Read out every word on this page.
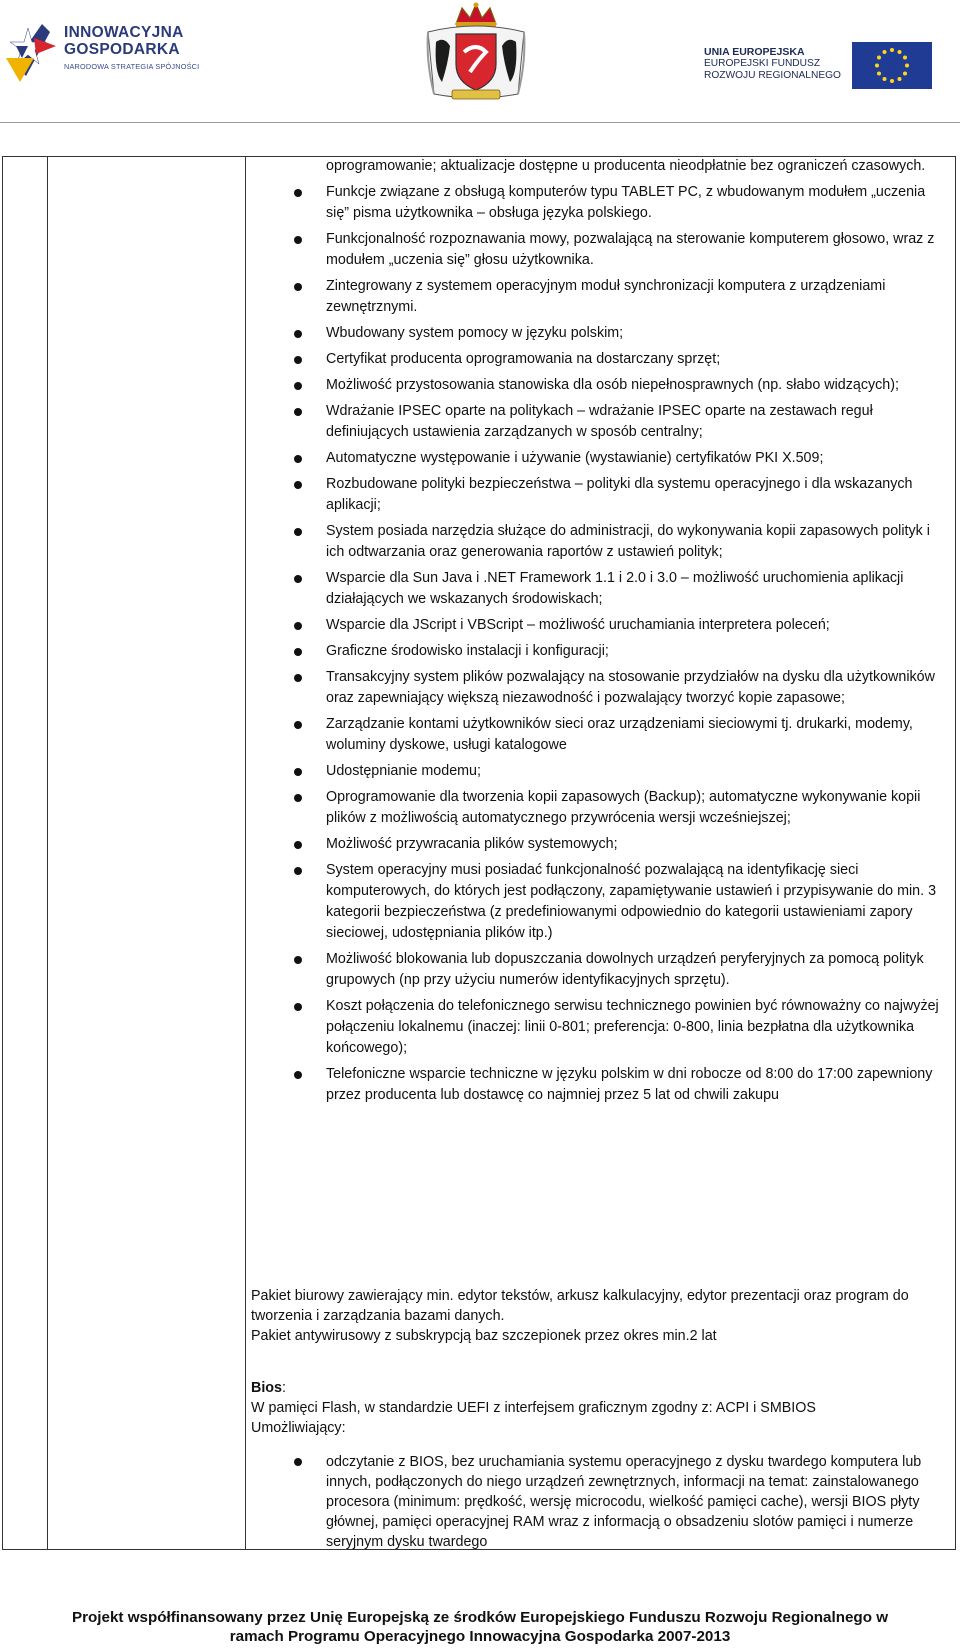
INNOWACYJNA
GOSPODARKA
NARODOWA STRATEGIA SPÓJNOŚCI
UNIA EUROPEJSKA
EUROPEJSKI FUNDUSZ
ROZWOJU REGIONALNEGO
oprogramowanie; aktualizacje dostępne u producenta nieodpłatnie bez ograniczeń czasowych.
Funkcje związane z obsługą komputerów typu TABLET PC, z wbudowanym modułem „uczenia się” pisma użytkownika – obsługa języka polskiego.
Funkcjonalność rozpoznawania mowy, pozwalającą na sterowanie komputerem głosowo, wraz z modułem „uczenia się” głosu użytkownika.
Zintegrowany z systemem operacyjnym moduł synchronizacji komputera z urządzeniami zewnętrznymi.
Wbudowany system pomocy w języku polskim;
Certyfikat producenta oprogramowania na dostarczany sprzęt;
Możliwość przystosowania stanowiska dla osób niepełnosprawnych (np. słabo widzących);
Wdrażanie IPSEC oparte na politykach – wdrażanie IPSEC oparte na zestawach reguł definiujących ustawienia zarządzanych w sposób centralny;
Automatyczne występowanie i używanie (wystawianie) certyfikatów PKI X.509;
Rozbudowane polityki bezpieczeństwa – polityki dla systemu operacyjnego i dla wskazanych aplikacji;
System posiada narzędzia służące do administracji, do wykonywania kopii zapasowych polityk i ich odtwarzania oraz generowania raportów z ustawień polityk;
Wsparcie dla Sun Java i .NET Framework 1.1 i 2.0 i 3.0 – możliwość uruchomienia aplikacji działających we wskazanych środowiskach;
Wsparcie dla JScript i VBScript – możliwość uruchamiania interpretera poleceń;
Graficzne środowisko instalacji i konfiguracji;
Transakcyjny system plików pozwalający na stosowanie przydziałów na dysku dla użytkowników oraz zapewniający większą niezawodność i pozwalający tworzyć kopie zapasowe;
Zarządzanie kontami użytkowników sieci oraz urządzeniami sieciowymi tj. drukarki, modemy, woluminy dyskowe, usługi katalogowe
Udostępnianie modemu;
Oprogramowanie dla tworzenia kopii zapasowych (Backup); automatyczne wykonywanie kopii plików z możliwością automatycznego przywrócenia wersji wcześniejszej;
Możliwość przywracania plików systemowych;
System operacyjny musi posiadać funkcjonalność pozwalającą na identyfikację sieci komputerowych, do których jest podłączony, zapamiętywanie ustawień i przypisywanie do min. 3 kategorii bezpieczeństwa (z predefiniowanymi odpowiednio do kategorii ustawieniami zapory sieciowej, udostępniania plików itp.)
Możliwość blokowania lub dopuszczania dowolnych urządzeń peryferyjnych za pomocą polityk grupowych (np przy użyciu numerów identyfikacyjnych sprzętu).
Koszt połączenia do telefonicznego serwisu technicznego powinien być równoważny co najwyżej połączeniu lokalnemu (inaczej: linii 0-801; preferencja: 0-800, linia bezpłatna dla użytkownika końcowego);
Telefoniczne wsparcie techniczne w języku polskim w dni robocze od 8:00 do 17:00 zapewniony przez producenta lub dostawcę co najmniej przez 5 lat od chwili zakupu

Pakiet biurowy zawierający min. edytor tekstów, arkusz kalkulacyjny, edytor prezentacji oraz program do tworzenia i zarządzania bazami danych.

Pakiet antywirusowy z subskrypcją baz szczepionek przez okres min.2 lat

Bios:

W pamięci Flash, w standardzie UEFI z interfejsem graficznym zgodny z: ACPI i SMBIOS

Umożliwiający:

odczytanie z BIOS, bez uruchamiania systemu operacyjnego z dysku twardego komputera lub innych, podłączonych do niego urządzeń zewnętrznych, informacji na temat: zainstalowanego procesora (minimum: prędkość, wersję microcodu, wielkość pamięci cache), wersji BIOS płyty głównej, pamięci operacyjnej RAM wraz z informacją o obsadzeniu slotów pamięci i numerze seryjnym dysku twardego
Projekt współfinansowany przez Unię Europejską ze środków Europejskiego Funduszu Rozwoju Regionalnego w
ramach Programu Operacyjnego Innowacyjna Gospodarka 2007-2013
